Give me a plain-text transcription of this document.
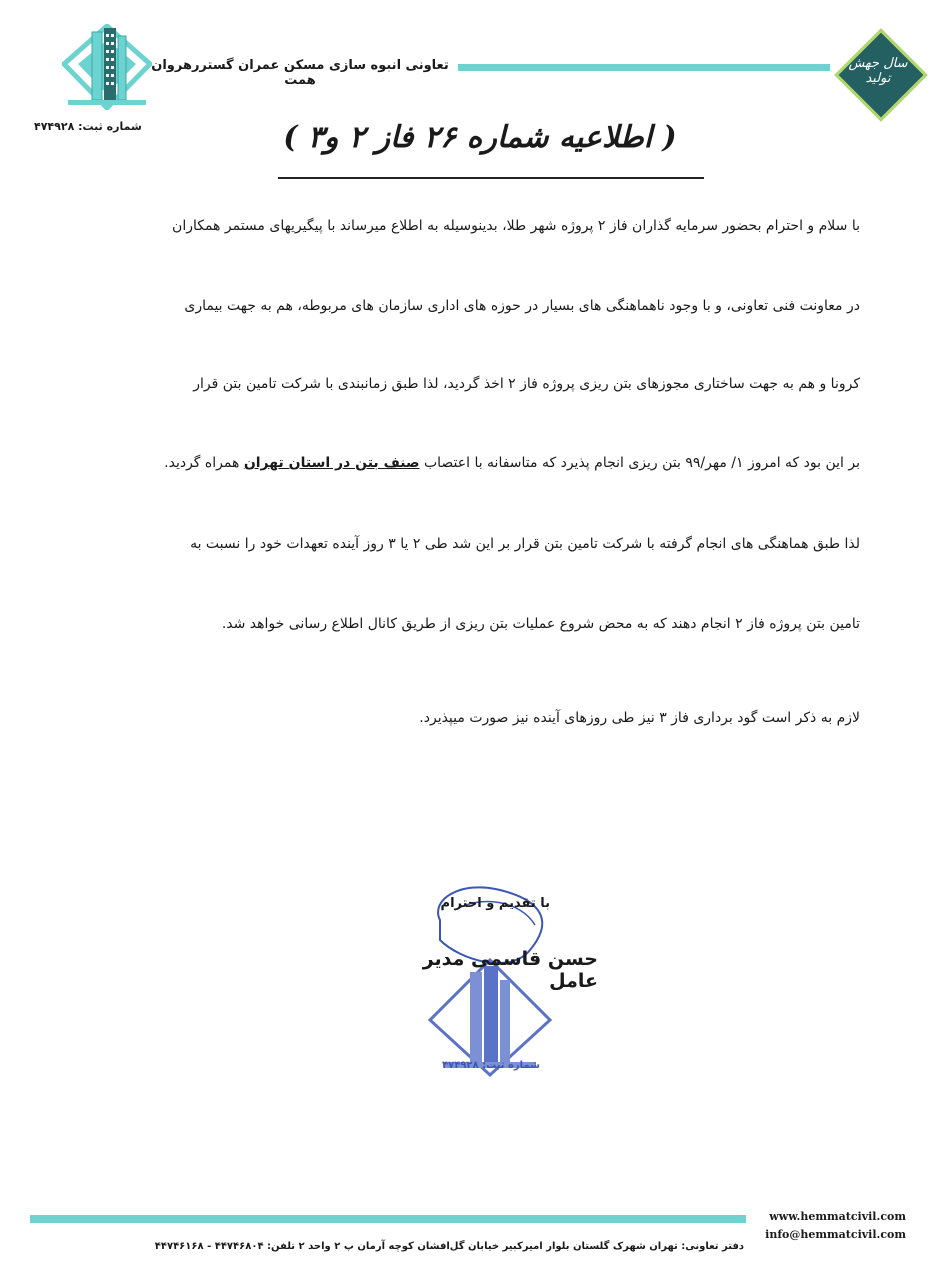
شماره ثبت: ۴۷۴۹۲۸
تعاونی انبوه سازی مسکن عمران گستررهروان همت
سال جهش تولید
( اطلاعیه شماره ۲۶ فاز ۲ و۳ )
با سلام و احترام بحضور سرمایه گذاران فاز ۲ پروژه شهر طلا، بدینوسیله به اطلاع میرساند با پیگیریهای مستمر همکاران
در معاونت فنی تعاونی، و با وجود ناهماهنگی های بسیار در حوزه های اداری سازمان های مربوطه، هم به جهت بیماری
کرونا و هم به جهت ساختاری مجوزهای بتن ریزی پروژه فاز ۲ اخذ گردید، لذا طبق زمانبندی با شرکت تامین بتن قرار
بر این بود که امروز ۱/ مهر/۹۹ بتن ریزی انجام پذیرد که متاسفانه با اعتصاب صنف بتن در استان تهران همراه گردید.
لذا طبق هماهنگی های انجام گرفته با شرکت تامین بتن قرار بر این شد طی ۲ یا ۳ روز آینده تعهدات خود را نسبت به
تامین بتن پروژه فاز ۲ انجام دهند که به محض شروع عملیات بتن ریزی از طریق کانال اطلاع رسانی خواهد شد.
لازم به ذکر است گود برداری فاز ۳ نیز طی روزهای آینده نیز صورت میپذیرد.
با تقدیم و احترام
حسن قاسمی مدیر عامل
شماره ثبت: ۴۷۴۹۲۸
www.hemmatcivil.com
info@hemmatcivil.com
دفتر تعاونی: تهران شهرک گلستان بلوار امیرکبیر خیابان گل‌افشان کوچه آرمان پ ۲ واحد ۲ تلفن: ۴۴۷۴۶۸۰۴ - ۴۴۷۴۶۱۶۸
